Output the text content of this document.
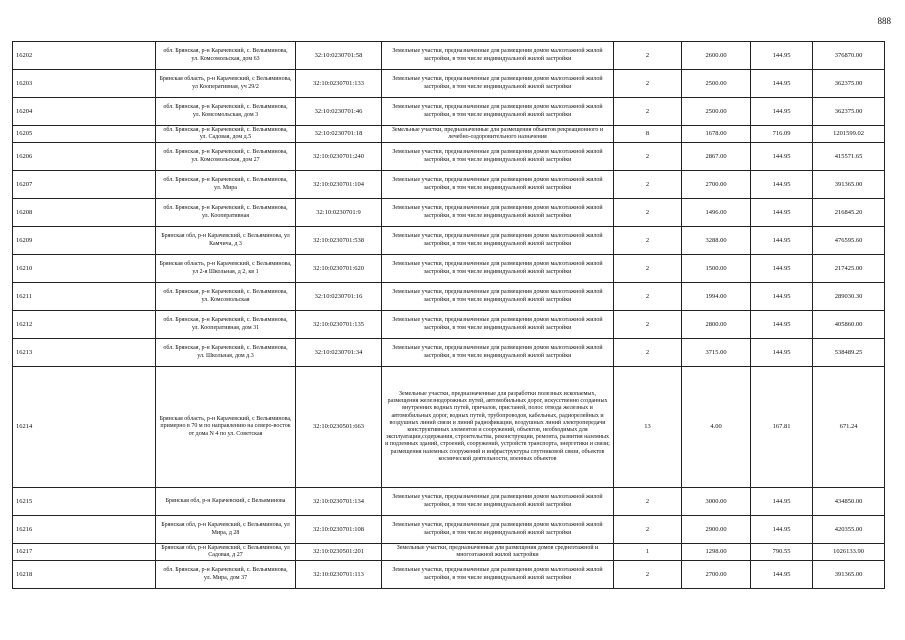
888
16202	обл. Брянская, р-н Карачевский, с. Вельяминова, ул. Комсомольская, дом 63	32:10:0230701:58	Земельные участки, предназначенные для размещения домов малоэтажной жилой застройки, в том числе индивидуальной жилой застройки	2	2600.00	144.95	376870.00
16203	Брянская область, р-н Карачевский, с Вельяминова, ул Кооперативная, уч 29/2	32:10:0230701:133	Земельные участки, предназначенные для размещения домов малоэтажной жилой застройки, в том числе индивидуальной жилой застройки	2	2500.00	144.95	362375.00
16204	обл. Брянская, р-н Карачевский, с. Вельяминова, ул. Комсомольская, дом 3	32:10:0230701:46	Земельные участки, предназначенные для размещения домов малоэтажной жилой застройки, в том числе индивидуальной жилой застройки	2	2500.00	144.95	362375.00
16205	обл. Брянская, р-н Карачевский, с. Вельяминова, ул. Садовая, дом д.5	32:10:0230701:18	Земельные участки, предназначенные для размещения объектов рекреационного и лечебно-оздоровительного назначения	8	1678.00	716.09	1201599.02
16206	обл. Брянская, р-н Карачевский, с. Вельяминова, ул. Комсомольская, дом 27	32:10:0230701:240	Земельные участки, предназначенные для размещения домов малоэтажной жилой застройки, в том числе индивидуальной жилой застройки	2	2867.00	144.95	415571.65
16207	обл. Брянская, р-н Карачевский, с. Вельяминова, ул. Мира	32:10:0230701:104	Земельные участки, предназначенные для размещения домов малоэтажной жилой застройки, в том числе индивидуальной жилой застройки	2	2700.00	144.95	391365.00
16208	обл. Брянская, р-н Карачевский, с. Вельяминова, ул. Кооперативная	32:10:0230701:9	Земельные участки, предназначенные для размещения домов малоэтажной жилой застройки, в том числе индивидуальной жилой застройки	2	1496.00	144.95	216845.20
16209	Брянская обл, р-н Карачевский, с Вельяминова, ул Камчича, д 3	32:10:0230701:538	Земельные участки, предназначенные для размещения домов малоэтажной жилой застройки, в том числе индивидуальной жилой застройки	2	3288.00	144.95	476595.60
16210	Брянская область, р-н Карачевский, с Вельяминова, ул 2-я Школьная, д 2, кв 1	32:10:0230701:620	Земельные участки, предназначенные для размещения домов малоэтажной жилой застройки, в том числе индивидуальной жилой застройки	2	1500.00	144.95	217425.00
16211	обл. Брянская, р-н Карачевский, с. Вельяминова, ул. Комсомольская	32:10:0230701:16	Земельные участки, предназначенные для размещения домов малоэтажной жилой застройки, в том числе индивидуальной жилой застройки	2	1994.00	144.95	289030.30
16212	обл. Брянская, р-н Карачевский, с. Вельяминова, ул. Кооперативная, дом 31	32:10:0230701:135	Земельные участки, предназначенные для размещения домов малоэтажной жилой застройки, в том числе индивидуальной жилой застройки	2	2800.00	144.95	405860.00
16213	обл. Брянская, р-н Карачевский, с. Вельяминова, ул. Школьная, дом д.3	32:10:0230701:34	Земельные участки, предназначенные для размещения домов малоэтажной жилой застройки, в том числе индивидуальной жилой застройки	2	3715.00	144.95	538489.25
16214	Брянская область, р-н Карачевский, с Вельяминова, примерно в 70 м по направлению на северо-восток от дома N 4 по ул. Советская	32:10:0230501:663	Земельные участки, предназначенные для разработки полезных ископаемых, размещения железнодорожных путей, автомобильных дорог, искусственно созданных внутренних водных путей, причалов, пристаней, полос отвода железных и автомобильных дорог, водных путей, трубопроводов, кабельных, радиорелейных и воздушных линий связи и линий радиофикации, воздушных линий электропередачи конструктивных элементов и сооружений, объектов, необходимых для эксплуатации,содержания, строительства, реконструкции, ремонта, развития наземных и подземных зданий, строений, сооружений, устройств транспорта, энергетики и связи; размещения наземных сооружений и инфраструктуры спутниковой связи, объектов космической деятельности, военных объектов	13	4.00	167.81	671.24
16215	Брянская обл, р-н Карачевский, с Вельяминова	32:10:0230701:134	Земельные участки, предназначенные для размещения домов малоэтажной жилой застройки, в том числе индивидуальной жилой застройки	2	3000.00	144.95	434850.00
16216	Брянская обл, р-н Карачевский, с Вельяминова, ул Мира, д 28	32:10:0230701:108	Земельные участки, предназначенные для размещения домов малоэтажной жилой застройки, в том числе индивидуальной жилой застройки	2	2900.00	144.95	420355.00
16217	Брянская обл, р-н Карачевский, с Вельяминова, ул Садовая, д 27	32:10:0230501:201	Земельные участки, предназначенные для размещения домов среднеэтажной и многоэтажной жилой застройки	1	1298.00	790.55	1026133.90
16218	обл. Брянская, р-н Карачевский, с. Вельяминова, ул. Мира, дом 37	32:10:0230701:113	Земельные участки, предназначенные для размещения домов малоэтажной жилой застройки, в том числе индивидуальной жилой застройки	2	2700.00	144.95	391365.00
